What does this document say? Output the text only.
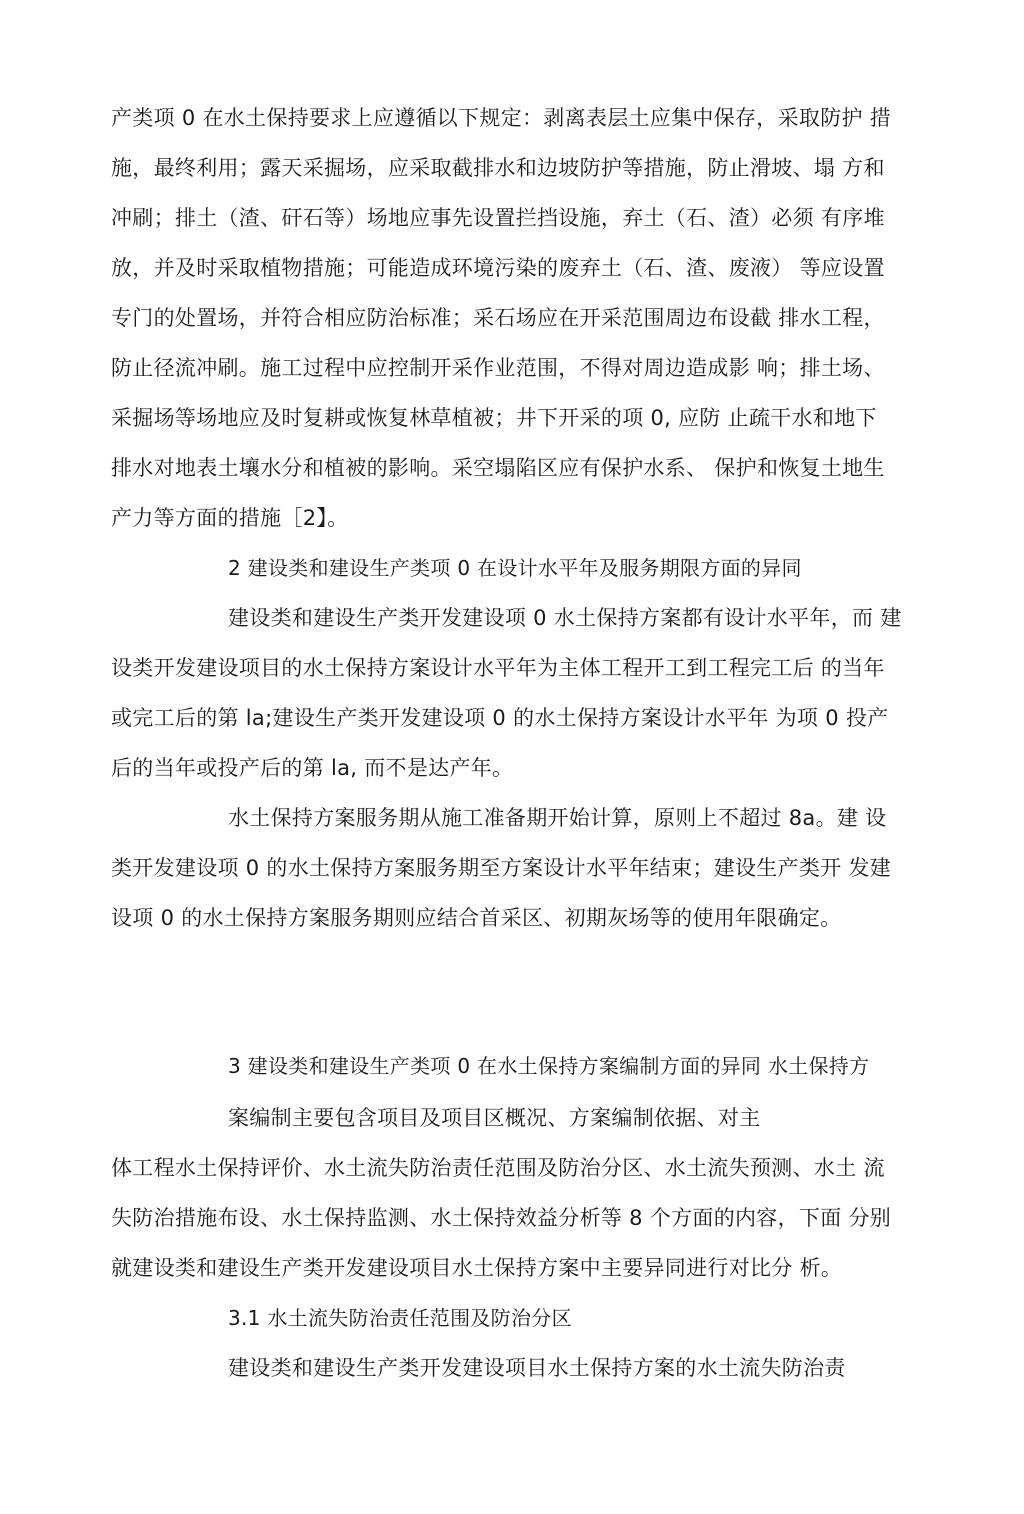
产类项 0 在水土保持要求上应遵循以下规定：剥离表层土应集中保存，采取防护 措
施，最终利用；露天采掘场，应采取截排水和边坡防护等措施，防止滑坡、塌 方和
冲刷；排土（渣、矸石等）场地应事先设置拦挡设施，弃土（石、渣）必须 有序堆
放，并及时采取植物措施；可能造成环境污染的废弃土（石、渣、废液） 等应设置
专门的处置场，并符合相应防治标准；采石场应在开采范围周边布设截 排水工程，
防止径流冲刷。施工过程中应控制开采作业范围，不得对周边造成影 响；排土场、
采掘场等场地应及时复耕或恢复林草植被；井下开采的项 0, 应防 止疏干水和地下
排水对地表土壤水分和植被的影响。采空塌陷区应有保护水系、 保护和恢复土地生
产力等方面的措施［2】。
2 建设类和建设生产类项 0 在设计水平年及服务期限方面的异同
建设类和建设生产类开发建设项 0 水土保持方案都有设计水平年，而 建
设类开发建设项目的水土保持方案设计水平年为主体工程开工到工程完工后 的当年
或完工后的第 la;建设生产类开发建设项 0 的水土保持方案设计水平年 为项 0 投产
后的当年或投产后的第 la, 而不是达产年。
水土保持方案服务期从施工准备期开始计算，原则上不超过 8a。建 设
类开发建设项 0 的水土保持方案服务期至方案设计水平年结束；建设生产类开 发建
设项 0 的水土保持方案服务期则应结合首采区、初期灰场等的使用年限确定。
3 建设类和建设生产类项 0 在水土保持方案编制方面的异同 水土保持方
案编制主要包含项目及项目区概况、方案编制依据、对主
体工程水土保持评价、水土流失防治责任范围及防治分区、水土流失预测、水土 流
失防治措施布设、水土保持监测、水土保持效益分析等 8 个方面的内容，下面 分别
就建设类和建设生产类开发建设项目水土保持方案中主要异同进行对比分 析。
3.1 水土流失防治责任范围及防治分区
建设类和建设生产类开发建设项目水土保持方案的水土流失防治责
